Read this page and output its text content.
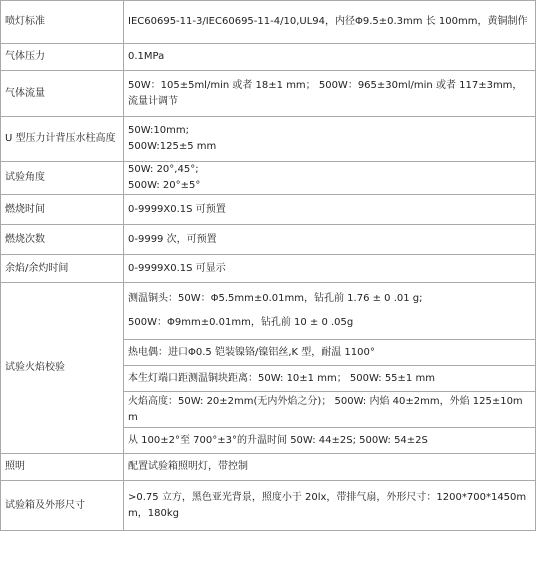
喷灯标准	IEC60695-11-3/IEC60695-11-4/10,UL94，内径Φ9.5±0.3mm 长 100mm，黄铜制作

气体压力	0.1MPa

气体流量	50W：105±5ml/min 或者 18±1 mm； 500W：965±30ml/min 或者 117±3mm，流量计调节

U 型压力计背压水柱高度	50W:10mm;
500W:125±5 mm

试验角度	50W: 20°,45°;
500W: 20°±5°

燃烧时间	0-9999X0.1S 可预置

燃烧次数	0-9999 次，可预置

余焰/余灼时间	0-9999X0.1S 可显示

试验火焰校验	测温铜头：50W：Φ5.5mm±0.01mm，钻孔前 1.76 ± 0 .01 g;
500W：Φ9mm±0.01mm，钻孔前 10 ± 0 .05g

	热电偶：进口Φ0.5 铠装镍铬/镍铝丝,K 型，耐温 1100°

	本生灯端口距测温铜块距离：50W: 10±1 mm； 500W: 55±1 mm

	火焰高度：50W: 20±2mm(无内外焰之分)； 500W: 内焰 40±2mm，外焰 125±10mm

	从 100±2°至 700°±3°的升温时间 50W: 44±2S; 500W: 54±2S

照明	配置试验箱照明灯，带控制

试验箱及外形尺寸	>0.75 立方，黑色亚光背景，照度小于 20lx，带排气扇，外形尺寸：1200*700*1450mm，180kg
